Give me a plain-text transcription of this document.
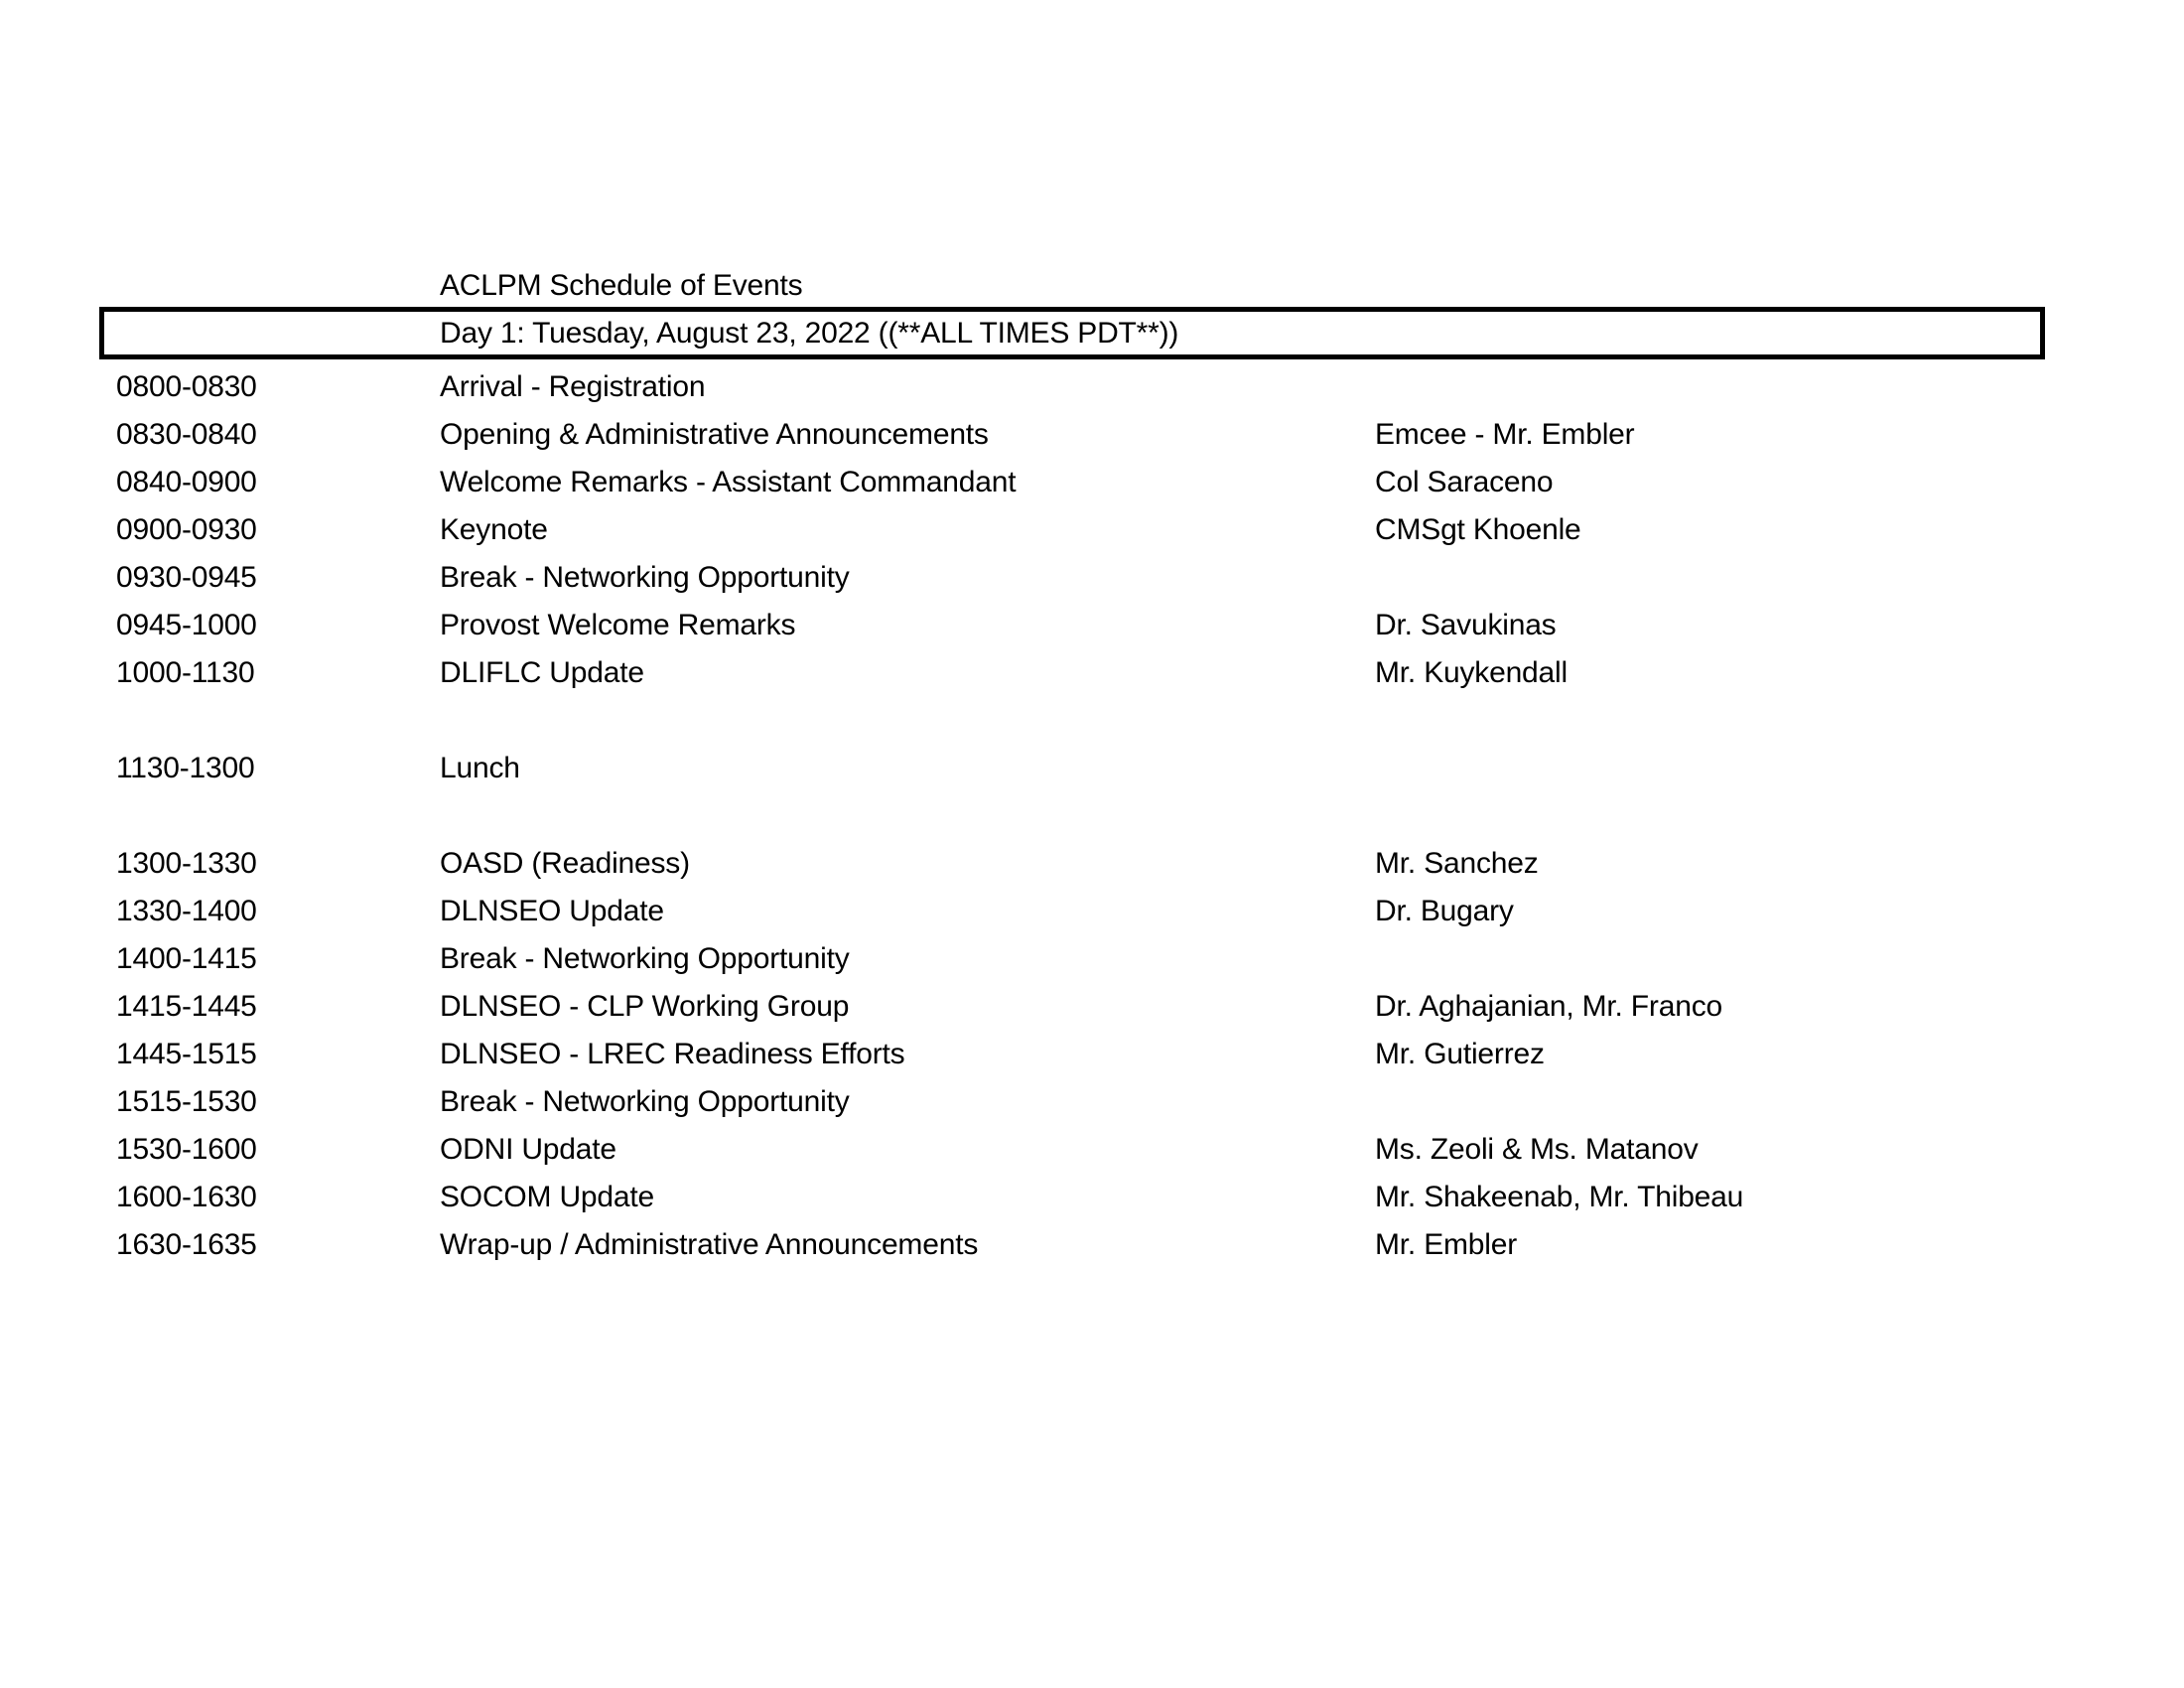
ACLPM Schedule of Events
Day 1: Tuesday, August 23, 2022 ((**ALL TIMES PDT**))
0800-0830	Arrival - Registration
0830-0840	Opening & Administrative Announcements	Emcee - Mr. Embler
0840-0900	Welcome Remarks - Assistant Commandant	Col Saraceno
0900-0930	Keynote	CMSgt Khoenle
0930-0945	Break - Networking Opportunity
0945-1000	Provost Welcome Remarks	Dr. Savukinas
1000-1130	DLIFLC Update	Mr. Kuykendall
1130-1300	Lunch
1300-1330	OASD (Readiness)	Mr. Sanchez
1330-1400	DLNSEO Update	Dr. Bugary
1400-1415	Break - Networking Opportunity
1415-1445	DLNSEO - CLP Working Group	Dr. Aghajanian, Mr. Franco
1445-1515	DLNSEO - LREC Readiness Efforts	Mr. Gutierrez
1515-1530	Break - Networking Opportunity
1530-1600	ODNI Update	Ms. Zeoli & Ms. Matanov
1600-1630	SOCOM Update	Mr. Shakeenab, Mr. Thibeau
1630-1635	Wrap-up / Administrative Announcements	Mr. Embler
